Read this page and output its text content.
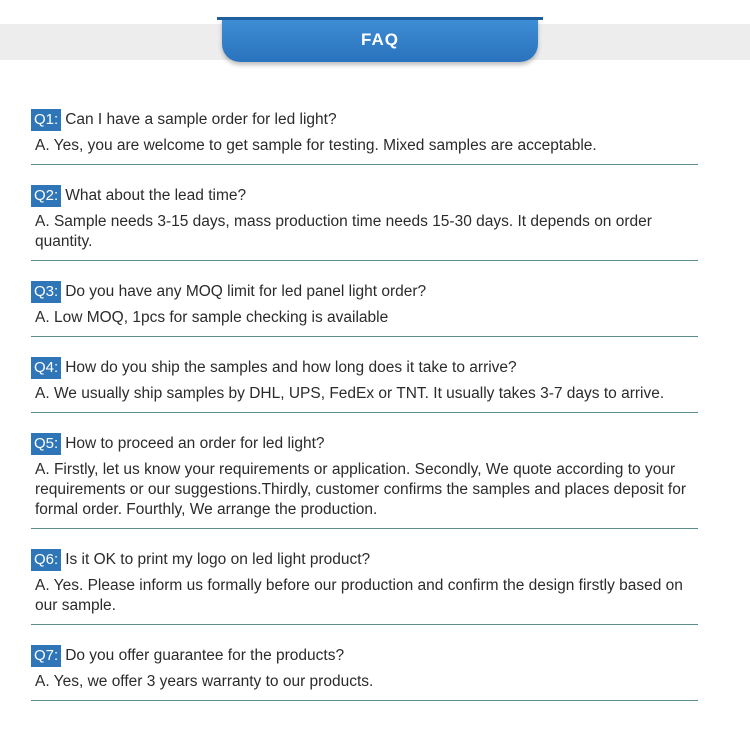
FAQ
Q1: Can I have a sample order for led light?
A. Yes, you are welcome to get sample for testing. Mixed samples are acceptable.
Q2: What about the lead time?
A. Sample needs 3-15 days, mass production time needs 15-30 days. It depends on order quantity.
Q3: Do you have any MOQ limit for led panel light order?
A. Low MOQ, 1pcs for sample checking is available
Q4: How do you ship the samples and how long does it take to arrive?
A. We usually ship samples by DHL, UPS, FedEx or TNT. It usually takes 3-7 days to arrive.
Q5: How to proceed an order for led light?
A. Firstly, let us know your requirements or application. Secondly, We quote according to your requirements or our suggestions.Thirdly, customer confirms the samples and places deposit for formal order. Fourthly, We arrange the production.
Q6: Is it OK to print my logo on led light product?
A. Yes. Please inform us formally before our production and confirm the design firstly based on our sample.
Q7: Do you offer guarantee for the products?
A. Yes, we offer 3 years warranty to our products.
